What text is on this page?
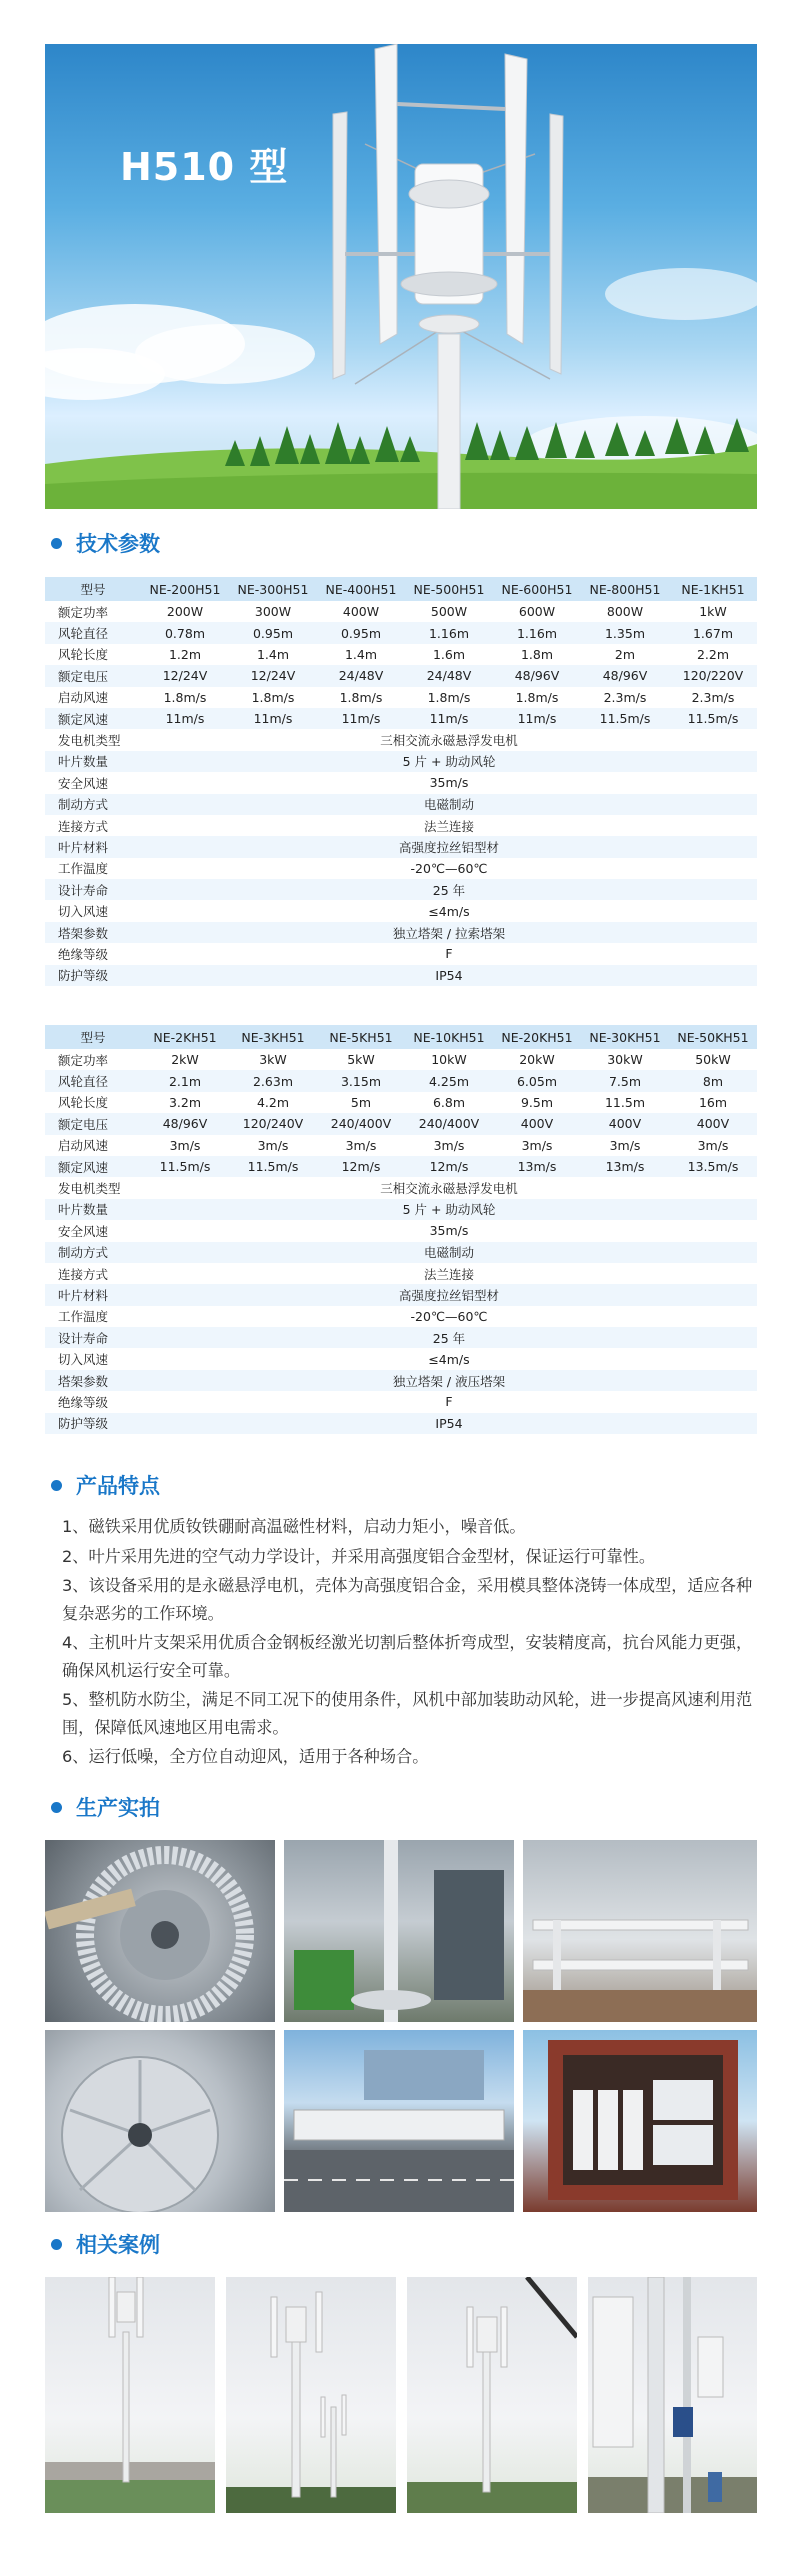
H510 型
技术参数
型号	NE-200H51	NE-300H51	NE-400H51	NE-500H51	NE-600H51	NE-800H51	NE-1KH51
额定功率	200W	300W	400W	500W	600W	800W	1kW
风轮直径	0.78m	0.95m	0.95m	1.16m	1.16m	1.35m	1.67m
风轮长度	1.2m	1.4m	1.4m	1.6m	1.8m	2m	2.2m
额定电压	12/24V	12/24V	24/48V	24/48V	48/96V	48/96V	120/220V
启动风速	1.8m/s	1.8m/s	1.8m/s	1.8m/s	1.8m/s	2.3m/s	2.3m/s
额定风速	11m/s	11m/s	11m/s	11m/s	11m/s	11.5m/s	11.5m/s
发电机类型	三相交流永磁悬浮发电机						
叶片数量	5 片 + 助动风轮						
安全风速	35m/s						
制动方式	电磁制动						
连接方式	法兰连接						
叶片材料	高强度拉丝铝型材						
工作温度	-20℃—60℃						
设计寿命	25 年						
切入风速	≤4m/s						
塔架参数	独立塔架 / 拉索塔架						
绝缘等级	F						
防护等级	IP54						
型号	NE-2KH51	NE-3KH51	NE-5KH51	NE-10KH51	NE-20KH51	NE-30KH51	NE-50KH51
额定功率	2kW	3kW	5kW	10kW	20kW	30kW	50kW
风轮直径	2.1m	2.63m	3.15m	4.25m	6.05m	7.5m	8m
风轮长度	3.2m	4.2m	5m	6.8m	9.5m	11.5m	16m
额定电压	48/96V	120/240V	240/400V	240/400V	400V	400V	400V
启动风速	3m/s	3m/s	3m/s	3m/s	3m/s	3m/s	3m/s
额定风速	11.5m/s	11.5m/s	12m/s	12m/s	13m/s	13m/s	13.5m/s
发电机类型	三相交流永磁悬浮发电机						
叶片数量	5 片 + 助动风轮						
安全风速	35m/s						
制动方式	电磁制动						
连接方式	法兰连接						
叶片材料	高强度拉丝铝型材						
工作温度	-20℃—60℃						
设计寿命	25 年						
切入风速	≤4m/s						
塔架参数	独立塔架 / 液压塔架						
绝缘等级	F						
防护等级	IP54						
产品特点

1、磁铁采用优质钕铁硼耐高温磁性材料，启动力矩小，噪音低。

2、叶片采用先进的空气动力学设计，并采用高强度铝合金型材，保证运行可靠性。

3、该设备采用的是永磁悬浮电机，壳体为高强度铝合金，采用模具整体浇铸一体成型，适应各种复杂恶劣的工作环境。

4、主机叶片支架采用优质合金钢板经激光切割后整体折弯成型，安装精度高，抗台风能力更强，确保风机运行安全可靠。

5、整机防水防尘，满足不同工况下的使用条件，风机中部加装助动风轮，进一步提高风速利用范围，保障低风速地区用电需求。

6、运行低噪，全方位自动迎风，适用于各种场合。

生产实拍
相关案例
